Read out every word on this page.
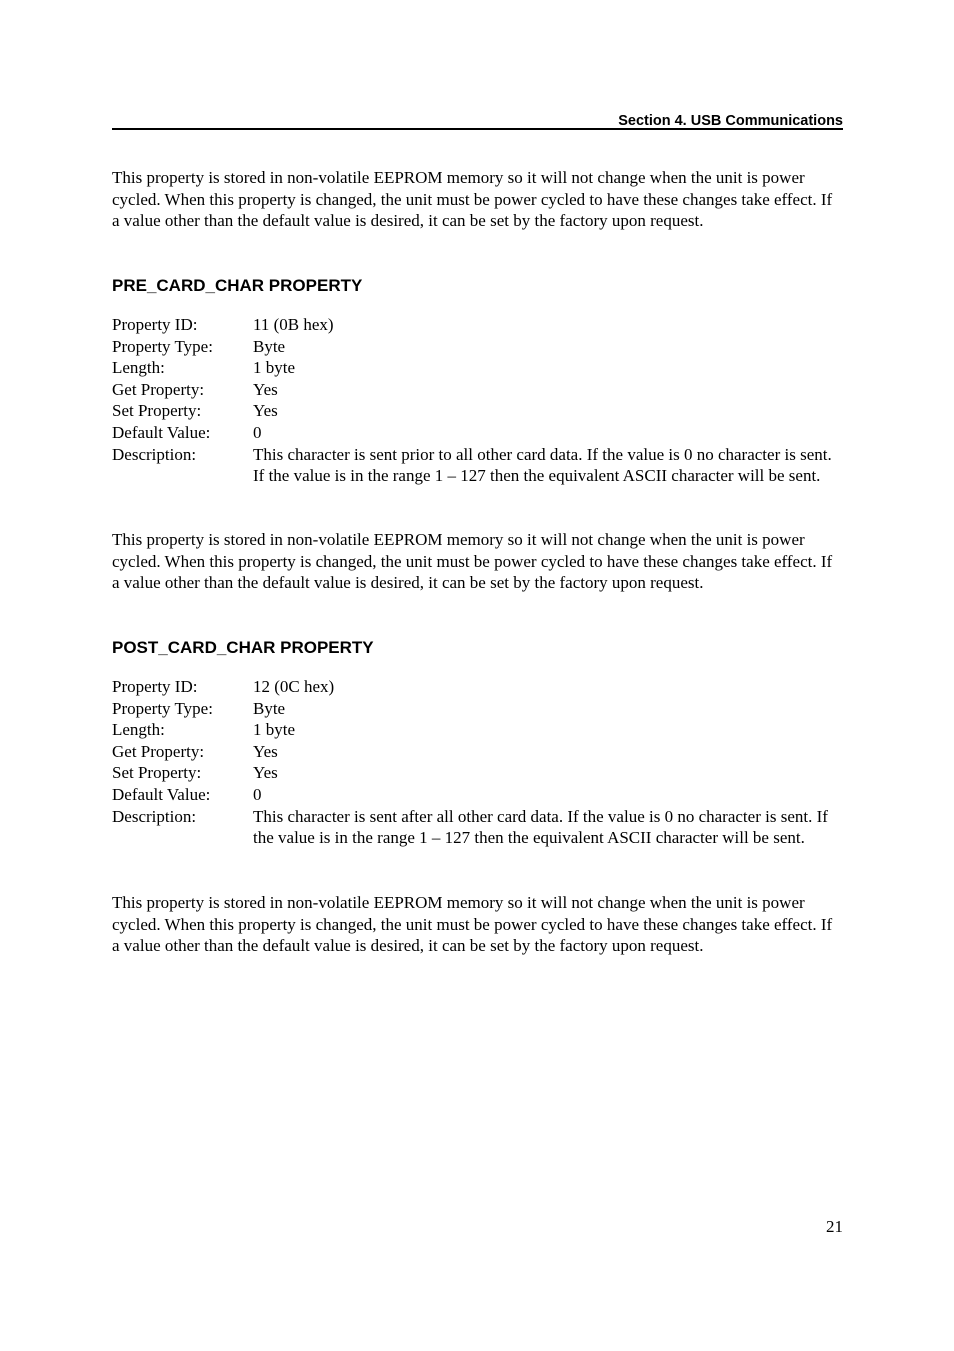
Section 4. USB Communications

This property is stored in non-volatile EEPROM memory so it will not change when the unit is power cycled. When this property is changed, the unit must be power cycled to have these changes take effect. If a value other than the default value is desired, it can be set by the factory upon request.

PRE_CARD_CHAR PROPERTY
Property ID:	11 (0B hex)
Property Type:	Byte
Length:	1 byte
Get Property:	Yes
Set Property:	Yes
Default Value:	0
Description:	This character is sent prior to all other card data. If the value is 0 no character is sent. If the value is in the range 1 – 127 then the equivalent ASCII character will be sent.

This property is stored in non-volatile EEPROM memory so it will not change when the unit is power cycled. When this property is changed, the unit must be power cycled to have these changes take effect. If a value other than the default value is desired, it can be set by the factory upon request.

POST_CARD_CHAR PROPERTY
Property ID:	12 (0C hex)
Property Type:	Byte
Length:	1 byte
Get Property:	Yes
Set Property:	Yes
Default Value:	0
Description:	This character is sent after all other card data. If the value is 0 no character is sent. If the value is in the range 1 – 127 then the equivalent ASCII character will be sent.

This property is stored in non-volatile EEPROM memory so it will not change when the unit is power cycled. When this property is changed, the unit must be power cycled to have these changes take effect. If a value other than the default value is desired, it can be set by the factory upon request.

21
